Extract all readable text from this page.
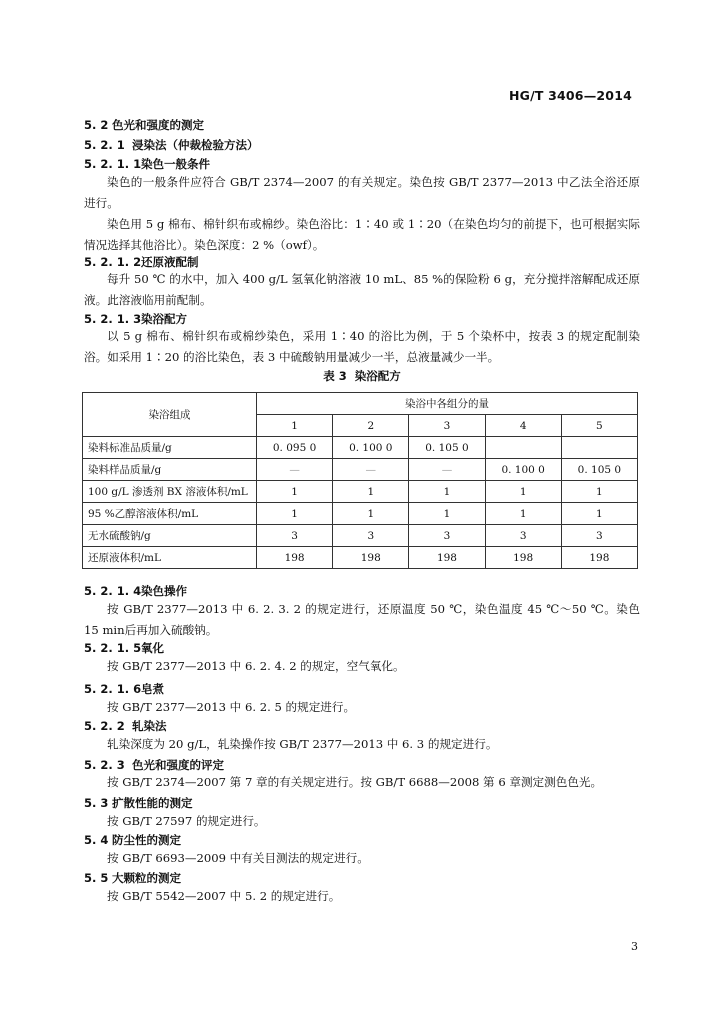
HG/T 3406—2014
5. 2 色光和强度的测定
5. 2. 1 浸染法（仲裁检验方法）
5. 2. 1. 1染色一般条件
染色的一般条件应符合 GB/T 2374—2007 的有关规定。染色按 GB/T 2377—2013 中乙法全浴还原进行。
染色用 5 g 棉布、棉针织布或棉纱。染色浴比：1∶40 或 1∶20（在染色均匀的前提下，也可根据实际情况选择其他浴比）。染色深度：2 %（owf）。
5. 2. 1. 2还原液配制
每升 50 ℃ 的水中，加入 400 g/L 氢氧化钠溶液 10 mL、85 %的保险粉 6 g，充分搅拌溶解配成还原液。此溶液临用前配制。
5. 2. 1. 3染浴配方
以 5 g 棉布、棉针织布或棉纱染色，采用 1∶40 的浴比为例，于 5 个染杯中，按表 3 的规定配制染浴。如采用 1∶20 的浴比染色，表 3 中硫酸钠用量减少一半，总液量减少一半。
表 3 染浴配方
染浴组成	染浴中各组分的量				
	1	2	3	4	5
染料标准品质量/g	0. 095 0	0. 100 0	0. 105 0		
染料样品质量/g	—	—	—	0. 100 0	0. 105 0
100 g/L 渗透剂 BX 溶液体积/mL	1	1	1	1	1
95 %乙醇溶液体积/mL	1	1	1	1	1
无水硫酸钠/g	3	3	3	3	3
还原液体积/mL	198	198	198	198	198
5. 2. 1. 4染色操作
按 GB/T 2377—2013 中 6. 2. 3. 2 的规定进行，还原温度 50 ℃，染色温度 45 ℃～50 ℃。染色 15 min后再加入硫酸钠。
5. 2. 1. 5氧化
按 GB/T 2377—2013 中 6. 2. 4. 2 的规定，空气氧化。
5. 2. 1. 6皂煮
按 GB/T 2377—2013 中 6. 2. 5 的规定进行。
5. 2. 2 轧染法
轧染深度为 20 g/L，轧染操作按 GB/T 2377—2013 中 6. 3 的规定进行。
5. 2. 3 色光和强度的评定
按 GB/T 2374—2007 第 7 章的有关规定进行。按 GB/T 6688—2008 第 6 章测定测色色光。
5. 3 扩散性能的测定
按 GB/T 27597 的规定进行。
5. 4 防尘性的测定
按 GB/T 6693—2009 中有关目测法的规定进行。
5. 5 大颗粒的测定
按 GB/T 5542—2007 中 5. 2 的规定进行。
3
